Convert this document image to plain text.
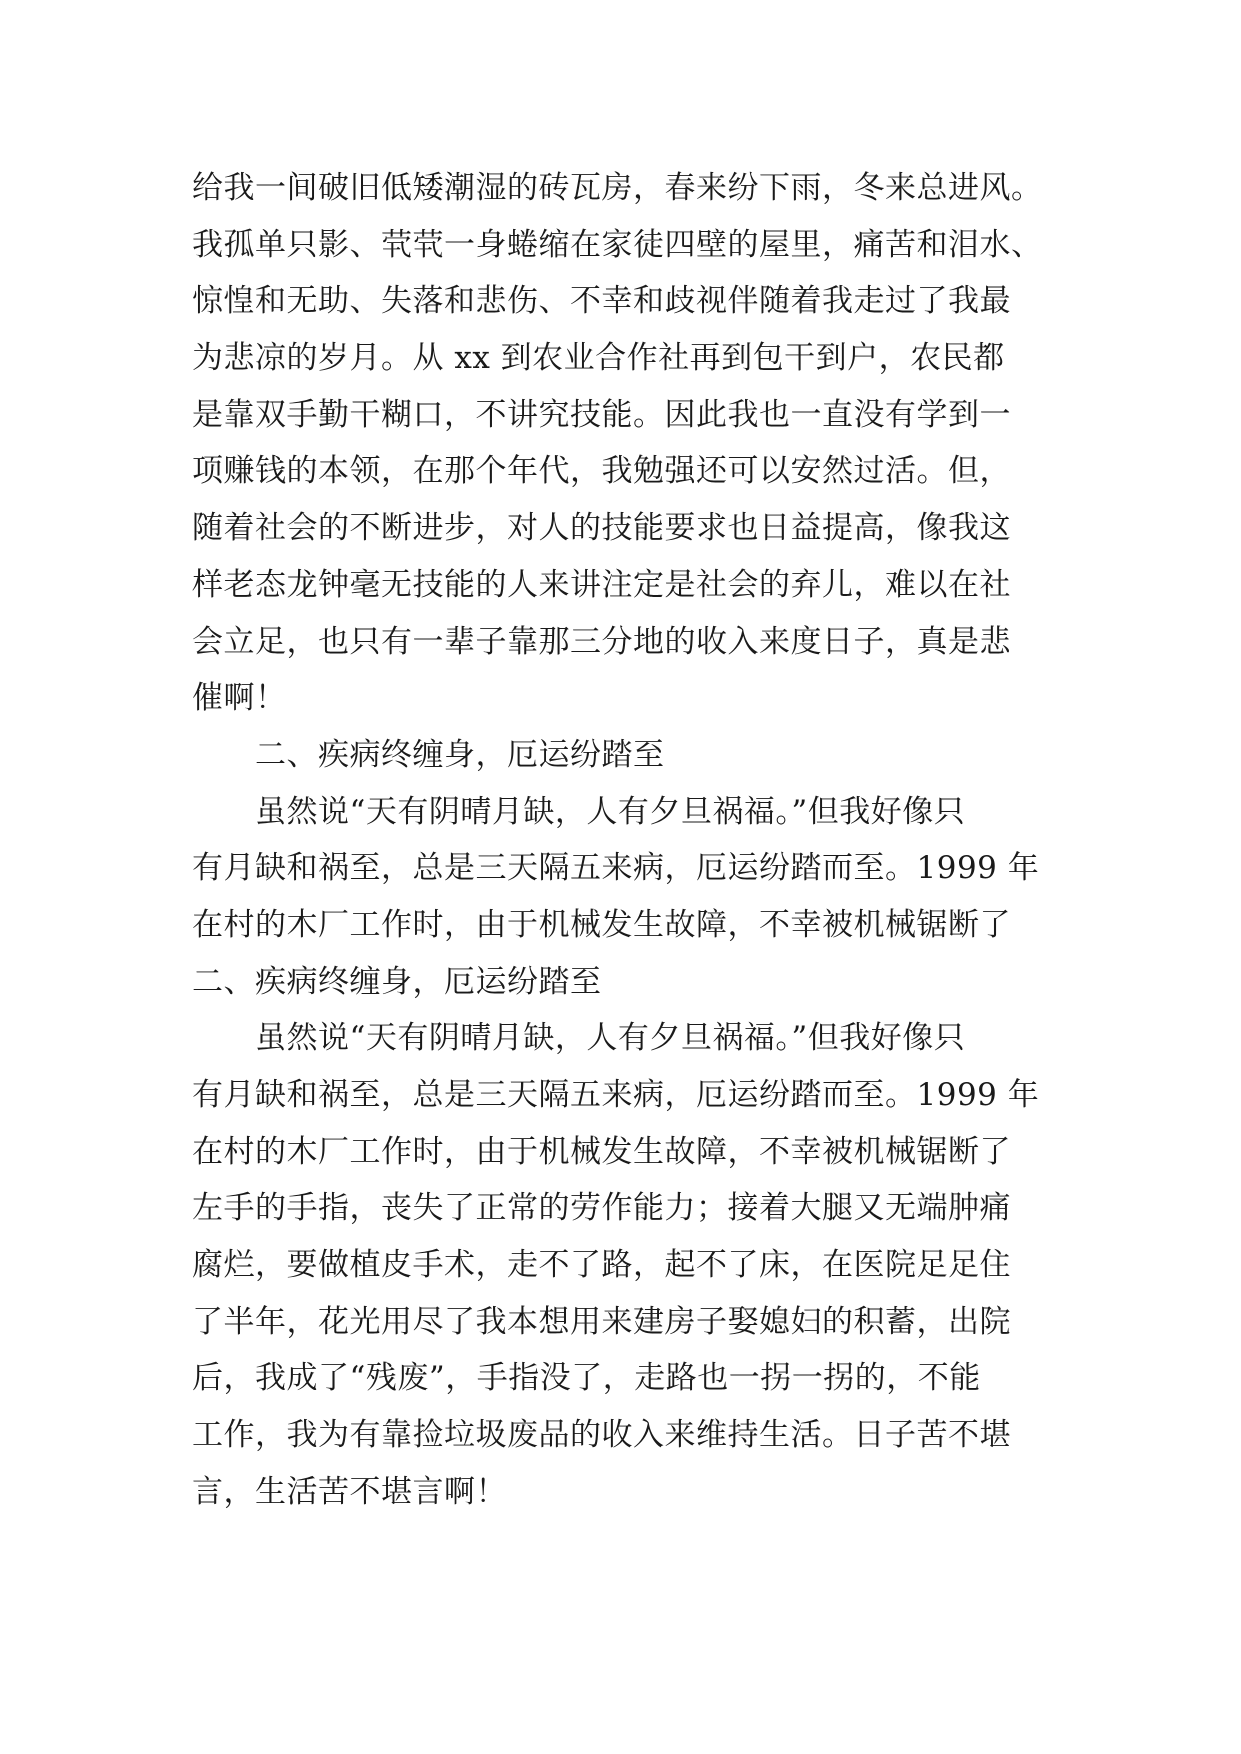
给我一间破旧低矮潮湿的砖瓦房，春来纷下雨，冬来总进风。
我孤单只影、茕茕一身蜷缩在家徒四壁的屋里，痛苦和泪水、
惊惶和无助、失落和悲伤、不幸和歧视伴随着我走过了我最
为悲凉的岁月。从 xx 到农业合作社再到包干到户，农民都
是靠双手勤干糊口，不讲究技能。因此我也一直没有学到一
项赚钱的本领，在那个年代，我勉强还可以安然过活。但，
随着社会的不断进步，对人的技能要求也日益提高，像我这
样老态龙钟毫无技能的人来讲注定是社会的弃儿，难以在社
会立足，也只有一辈子靠那三分地的收入来度日子，真是悲
催啊！
二、疾病终缠身，厄运纷踏至
虽然说“天有阴晴月缺，人有夕旦祸福。”但我好像只
有月缺和祸至，总是三天隔五来病，厄运纷踏而至。1999 年
在村的木厂工作时，由于机械发生故障，不幸被机械锯断了
二、疾病终缠身，厄运纷踏至
虽然说“天有阴晴月缺，人有夕旦祸福。”但我好像只
有月缺和祸至，总是三天隔五来病，厄运纷踏而至。1999 年
在村的木厂工作时，由于机械发生故障，不幸被机械锯断了
左手的手指，丧失了正常的劳作能力；接着大腿又无端肿痛
腐烂，要做植皮手术，走不了路，起不了床，在医院足足住
了半年，花光用尽了我本想用来建房子娶媳妇的积蓄，出院
后，我成了“残废”，手指没了，走路也一拐一拐的，不能
工作，我为有靠捡垃圾废品的收入来维持生活。日子苦不堪
言，生活苦不堪言啊！
